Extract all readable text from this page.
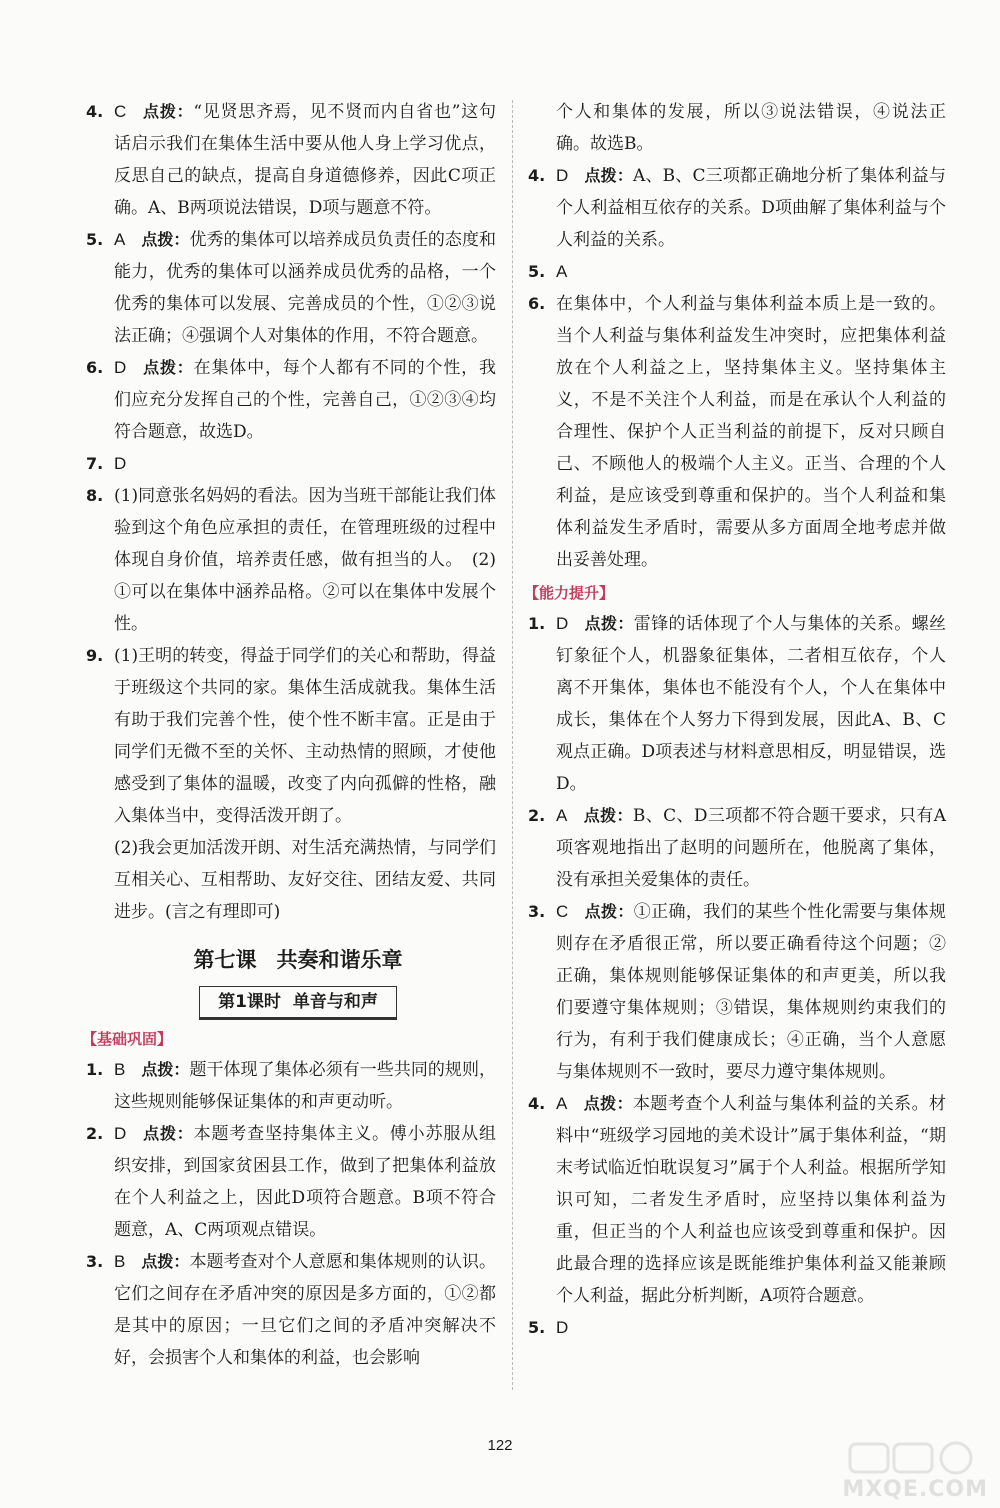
4. C 点拨：“见贤思齐焉，见不贤而内自省也”这句话启示我们在集体生活中要从他人身上学习优点，反思自己的缺点，提高自身道德修养，因此C项正确。A、B两项说法错误，D项与题意不符。
5. A 点拨：优秀的集体可以培养成员负责任的态度和能力，优秀的集体可以涵养成员优秀的品格，一个优秀的集体可以发展、完善成员的个性，①②③说法正确；④强调个人对集体的作用，不符合题意。
6. D 点拨：在集体中，每个人都有不同的个性，我们应充分发挥自己的个性，完善自己，①②③④均符合题意，故选D。
7. D
8. (1)同意张名妈妈的看法。因为当班干部能让我们体验到这个角色应承担的责任，在管理班级的过程中体现自身价值，培养责任感，做有担当的人。　(2)①可以在集体中涵养品格。②可以在集体中发展个性。
9. (1)王明的转变，得益于同学们的关心和帮助，得益于班级这个共同的家。集体生活成就我。集体生活有助于我们完善个性，使个性不断丰富。正是由于同学们无微不至的关怀、主动热情的照顾，才使他感受到了集体的温暖，改变了内向孤僻的性格，融入集体当中，变得活泼开朗了。

(2)我会更加活泼开朗、对生活充满热情，与同学们互相关心、互相帮助、友好交往、团结友爱、共同进步。(言之有理即可)

第七课 共奏和谐乐章
第1课时 单音与和声
【基础巩固】
1. B 点拨：题干体现了集体必须有一些共同的规则，这些规则能够保证集体的和声更动听。
2. D 点拨：本题考查坚持集体主义。傅小苏服从组织安排，到国家贫困县工作，做到了把集体利益放在个人利益之上，因此D项符合题意。B项不符合题意，A、C两项观点错误。
3. B 点拨：本题考查对个人意愿和集体规则的认识。它们之间存在矛盾冲突的原因是多方面的，①②都是其中的原因；一旦它们之间的矛盾冲突解决不好，会损害个人和集体的利益，也会影响

个人和集体的发展，所以③说法错误，④说法正确。故选B。

4. D 点拨：A、B、C三项都正确地分析了集体利益与个人利益相互依存的关系。D项曲解了集体利益与个人利益的关系。
5. A
6. 在集体中，个人利益与集体利益本质上是一致的。当个人利益与集体利益发生冲突时，应把集体利益放在个人利益之上，坚持集体主义。坚持集体主义，不是不关注个人利益，而是在承认个人利益的合理性、保护个人正当利益的前提下，反对只顾自己、不顾他人的极端个人主义。正当、合理的个人利益，是应该受到尊重和保护的。当个人利益和集体利益发生矛盾时，需要从多方面周全地考虑并做出妥善处理。
【能力提升】
1. D 点拨：雷锋的话体现了个人与集体的关系。螺丝钉象征个人，机器象征集体，二者相互依存，个人离不开集体，集体也不能没有个人，个人在集体中成长，集体在个人努力下得到发展，因此A、B、C观点正确。D项表述与材料意思相反，明显错误，选D。
2. A 点拨：B、C、D三项都不符合题干要求，只有A项客观地指出了赵明的问题所在，他脱离了集体，没有承担关爱集体的责任。
3. C 点拨：①正确，我们的某些个性化需要与集体规则存在矛盾很正常，所以要正确看待这个问题；②正确，集体规则能够保证集体的和声更美，所以我们要遵守集体规则；③错误，集体规则约束我们的行为，有利于我们健康成长；④正确，当个人意愿与集体规则不一致时，要尽力遵守集体规则。
4. A 点拨：本题考查个人利益与集体利益的关系。材料中“班级学习园地的美术设计”属于集体利益，“期末考试临近怕耽误复习”属于个人利益。根据所学知识可知，二者发生矛盾时，应坚持以集体利益为重，但正当的个人利益也应该受到尊重和保护。因此最合理的选择应该是既能维护集体利益又能兼顾个人利益，据此分析判断，A项符合题意。
5. D
122
MXQE.COM
